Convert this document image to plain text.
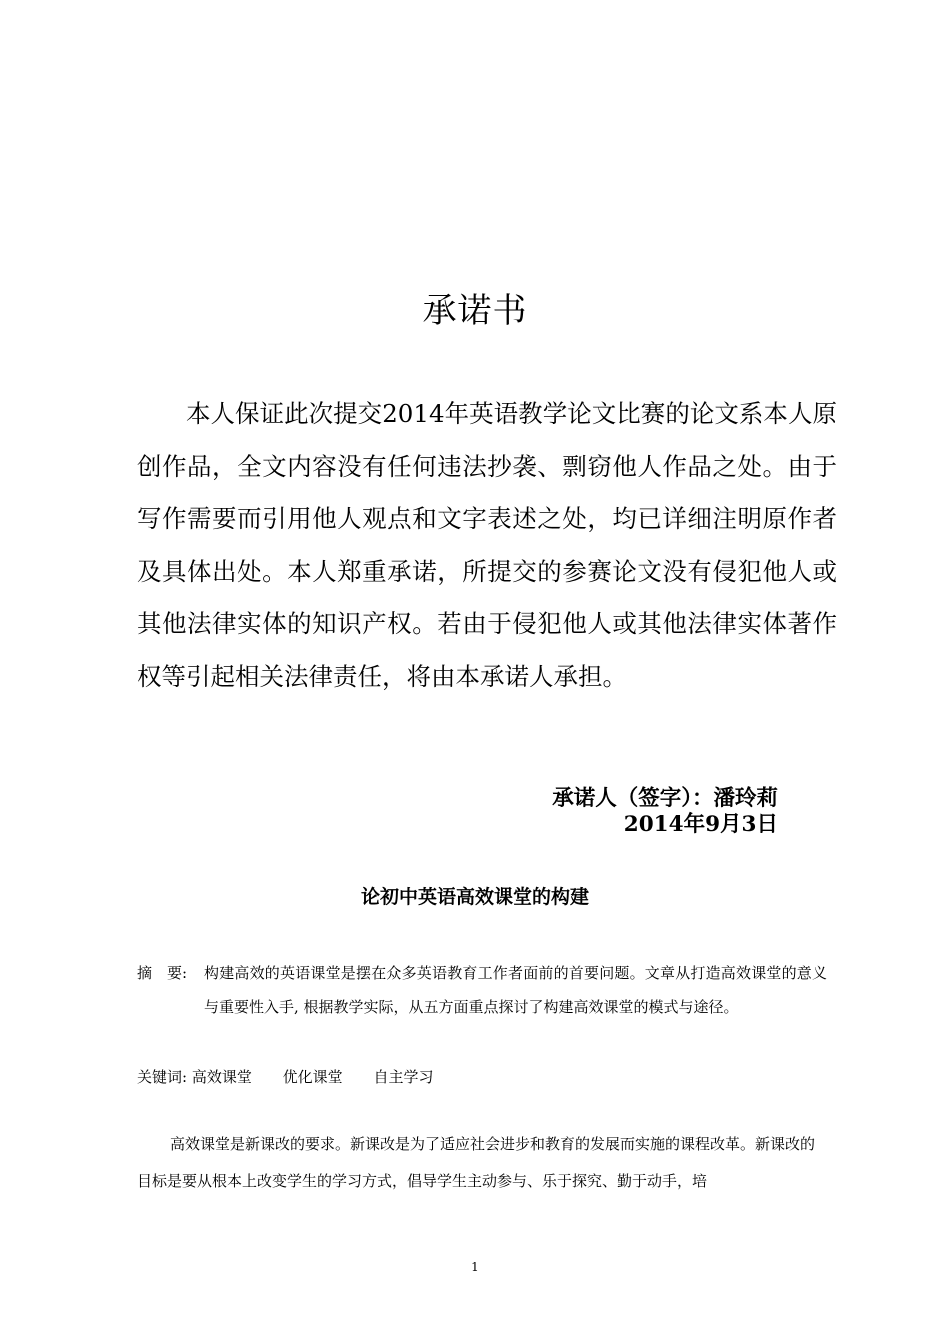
承诺书

本人保证此次提交2014年英语教学论文比赛的论文系本人原创作品，全文内容没有任何违法抄袭、剽窃他人作品之处。由于写作需要而引用他人观点和文字表述之处，均已详细注明原作者及具体出处。本人郑重承诺，所提交的参赛论文没有侵犯他人或其他法律实体的知识产权。若由于侵犯他人或其他法律实体著作权等引起相关法律责任，将由本承诺人承担。

承诺人（签字）：潘玲莉
2014年9月3日
论初中英语高效课堂的构建
摘　要:	构建高效的英语课堂是摆在众多英语教育工作者面前的首要问题。文章从打造高效课堂的意义与重要性入手, 根据教学实际，从五方面重点探讨了构建高效课堂的模式与途径。
关键词: 高效课堂 优化课堂 自主学习

高效课堂是新课改的要求。新课改是为了适应社会进步和教育的发展而实施的课程改革。新课改的目标是要从根本上改变学生的学习方式，倡导学生主动参与、乐于探究、勤于动手，培

1
